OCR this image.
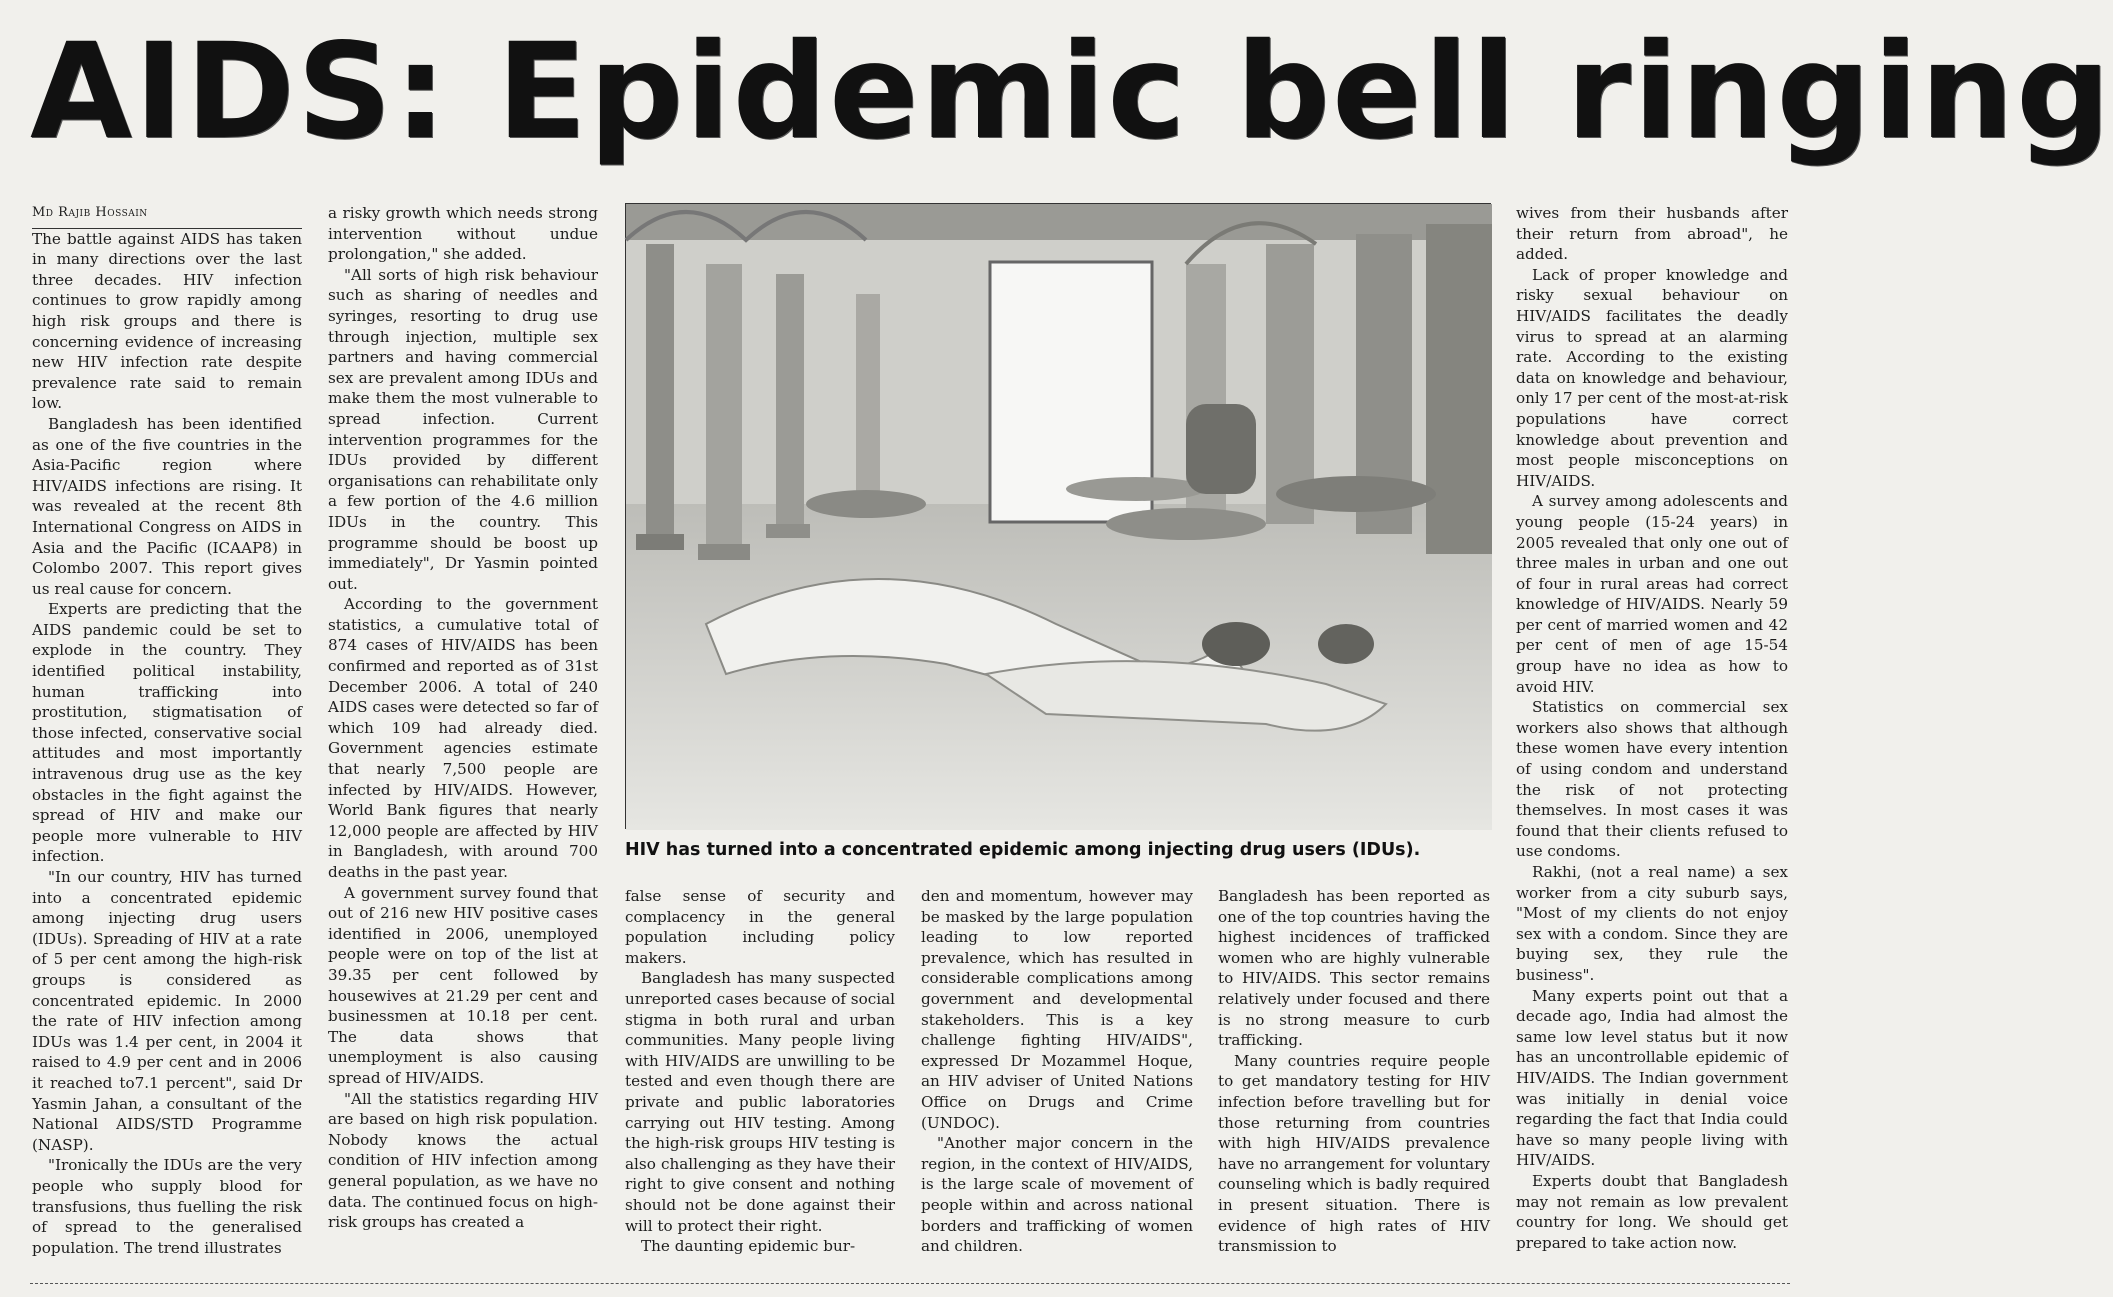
AIDS: Epidemic bell ringing

Md Rajib Hossain

The battle against AIDS has taken in many directions over the last three decades. HIV infection continues to grow rapidly among high risk groups and there is concerning evidence of increasing new HIV infection rate despite prevalence rate said to remain low.

Bangladesh has been identified as one of the five countries in the Asia-Pacific region where HIV/AIDS infections are rising. It was revealed at the recent 8th International Congress on AIDS in Asia and the Pacific (ICAAP8) in Colombo 2007. This report gives us real cause for concern.

Experts are predicting that the AIDS pandemic could be set to explode in the country. They identified political instability, human trafficking into prostitution, stigmatisation of those infected, conservative social attitudes and most importantly intravenous drug use as the key obstacles in the fight against the spread of HIV and make our people more vulnerable to HIV infection.

"In our country, HIV has turned into a concentrated epidemic among injecting drug users (IDUs). Spreading of HIV at a rate of 5 per cent among the high-risk groups is considered as concentrated epidemic. In 2000 the rate of HIV infection among IDUs was 1.4 per cent, in 2004 it raised to 4.9 per cent and in 2006 it reached to7.1 percent", said Dr Yasmin Jahan, a consultant of the National AIDS/STD Programme (NASP).

"Ironically the IDUs are the very people who supply blood for transfusions, thus fuelling the risk of spread to the generalised population. The trend illustrates

a risky growth which needs strong intervention without undue prolongation," she added.

"All sorts of high risk behaviour such as sharing of needles and syringes, resorting to drug use through injection, multiple sex partners and having commercial sex are prevalent among IDUs and make them the most vulnerable to spread infection. Current intervention programmes for the IDUs provided by different organisations can rehabilitate only a few portion of the 4.6 million IDUs in the country. This programme should be boost up immediately", Dr Yasmin pointed out.

According to the government statistics, a cumulative total of 874 cases of HIV/AIDS has been confirmed and reported as of 31st December 2006. A total of 240 AIDS cases were detected so far of which 109 had already died. Government agencies estimate that nearly 7,500 people are infected by HIV/AIDS. However, World Bank figures that nearly 12,000 people are affected by HIV in Bangladesh, with around 700 deaths in the past year.

A government survey found that out of 216 new HIV positive cases identified in 2006, unemployed people were on top of the list at 39.35 per cent followed by housewives at 21.29 per cent and businessmen at 10.18 per cent. The data shows that unemployment is also causing spread of HIV/AIDS.

"All the statistics regarding HIV are based on high risk population. Nobody knows the actual condition of HIV infection among general population, as we have no data. The continued focus on high-risk groups has created a

HIV has turned into a concentrated epidemic among injecting drug users (IDUs).

false sense of security and complacency in the general population including policy makers.

Bangladesh has many suspected unreported cases because of social stigma in both rural and urban communities. Many people living with HIV/AIDS are unwilling to be tested and even though there are private and public laboratories carrying out HIV testing. Among the high-risk groups HIV testing is also challenging as they have their right to give consent and nothing should not be done against their will to protect their right.

The daunting epidemic bur-

den and momentum, however may be masked by the large population leading to low reported prevalence, which has resulted in considerable complications among government and developmental stakeholders. This is a key challenge fighting HIV/AIDS", expressed Dr Mozammel Hoque, an HIV adviser of United Nations Office on Drugs and Crime (UNDOC).

"Another major concern in the region, in the context of HIV/AIDS, is the large scale of movement of people within and across national borders and trafficking of women and children.

Bangladesh has been reported as one of the top countries having the highest incidences of trafficked women who are highly vulnerable to HIV/AIDS. This sector remains relatively under focused and there is no strong measure to curb trafficking.

Many countries require people to get mandatory testing for HIV infection before travelling but for those returning from countries with high HIV/AIDS prevalence have no arrangement for voluntary counseling which is badly required in present situation. There is evidence of high rates of HIV transmission to

wives from their husbands after their return from abroad", he added.

Lack of proper knowledge and risky sexual behaviour on HIV/AIDS facilitates the deadly virus to spread at an alarming rate. According to the existing data on knowledge and behaviour, only 17 per cent of the most-at-risk populations have correct knowledge about prevention and most people misconceptions on HIV/AIDS.

A survey among adolescents and young people (15-24 years) in 2005 revealed that only one out of three males in urban and one out of four in rural areas had correct knowledge of HIV/AIDS. Nearly 59 per cent of married women and 42 per cent of men of age 15-54 group have no idea as how to avoid HIV.

Statistics on commercial sex workers also shows that although these women have every intention of using condom and understand the risk of not protecting themselves. In most cases it was found that their clients refused to use condoms.

Rakhi, (not a real name) a sex worker from a city suburb says, "Most of my clients do not enjoy sex with a condom. Since they are buying sex, they rule the business".

Many experts point out that a decade ago, India had almost the same low level status but it now has an uncontrollable epidemic of HIV/AIDS. The Indian government was initially in denial voice regarding the fact that India could have so many people living with HIV/AIDS.

Experts doubt that Bangladesh may not remain as low prevalent country for long. We should get prepared to take action now.
